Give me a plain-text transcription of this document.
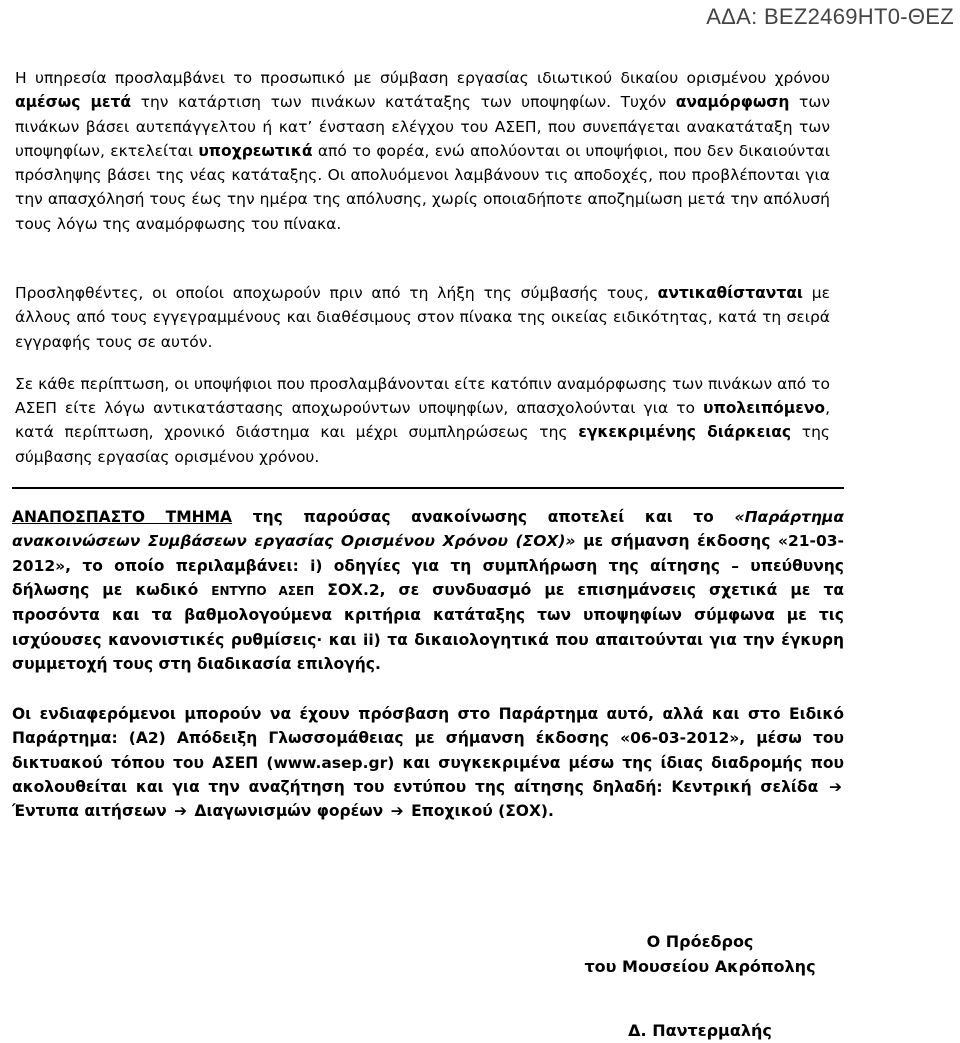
ΑΔΑ: ΒΕΖ2469ΗΤ0-ΘΕΖ

Η υπηρεσία προσλαμβάνει το προσωπικό με σύμβαση εργασίας ιδιωτικού δικαίου ορισμένου χρόνου αμέσως μετά την κατάρτιση των πινάκων κατάταξης των υποψηφίων. Τυχόν αναμόρφωση των πινάκων βάσει αυτεπάγγελτου ή κατ’ ένσταση ελέγχου του ΑΣΕΠ, που συνεπάγεται ανακατάταξη των υποψηφίων, εκτελείται υποχρεωτικά από το φορέα, ενώ απολύονται οι υποψήφιοι, που δεν δικαιούνται πρόσληψης βάσει της νέας κατάταξης. Οι απολυόμενοι λαμβάνουν τις αποδοχές, που προβλέπονται για την απασχόλησή τους έως την ημέρα της απόλυσης, χωρίς οποιαδήποτε αποζημίωση μετά την απόλυσή τους λόγω της αναμόρφωσης του πίνακα.

Προσληφθέντες, οι οποίοι αποχωρούν πριν από τη λήξη της σύμβασής τους, αντικαθίστανται με άλλους από τους εγγεγραμμένους και διαθέσιμους στον πίνακα της οικείας ειδικότητας, κατά τη σειρά εγγραφής τους σε αυτόν.

Σε κάθε περίπτωση, οι υποψήφιοι που προσλαμβάνονται είτε κατόπιν αναμόρφωσης των πινάκων από το ΑΣΕΠ είτε λόγω αντικατάστασης αποχωρούντων υποψηφίων, απασχολούνται για το υπολειπόμενο, κατά περίπτωση, χρονικό διάστημα και μέχρι συμπληρώσεως της εγκεκριμένης διάρκειας της σύμβασης εργασίας ορισμένου χρόνου.

ΑΝΑΠΟΣΠΑΣΤΟ ΤΜΗΜΑ της παρούσας ανακοίνωσης αποτελεί και το «Παράρτημα ανακοινώσεων Συμβάσεων εργασίας Ορισμένου Χρόνου (ΣΟΧ)» με σήμανση έκδοσης «21-03-2012», το οποίο περιλαμβάνει: i) οδηγίες για τη συμπλήρωση της αίτησης – υπεύθυνης δήλωσης με κωδικό ΕΝΤΥΠΟ ΑΣΕΠ ΣΟΧ.2, σε συνδυασμό με επισημάνσεις σχετικά με τα προσόντα και τα βαθμολογούμενα κριτήρια κατάταξης των υποψηφίων σύμφωνα με τις ισχύουσες κανονιστικές ρυθμίσεις· και ii) τα δικαιολογητικά που απαιτούνται για την έγκυρη συμμετοχή τους στη διαδικασία επιλογής.

Οι ενδιαφερόμενοι μπορούν να έχουν πρόσβαση στο Παράρτημα αυτό, αλλά και στο Ειδικό Παράρτημα: (Α2) Απόδειξη Γλωσσομάθειας με σήμανση έκδοσης «06-03-2012», μέσω του δικτυακού τόπου του ΑΣΕΠ (www.asep.gr) και συγκεκριμένα μέσω της ίδιας διαδρομής που ακολουθείται και για την αναζήτηση του εντύπου της αίτησης δηλαδή: Κεντρική σελίδα ➔ Έντυπα αιτήσεων ➔ Διαγωνισμών φορέων ➔ Εποχικού (ΣΟΧ).

Ο Πρόεδρος
του Μουσείου Ακρόπολης
Δ. Παντερμαλής
